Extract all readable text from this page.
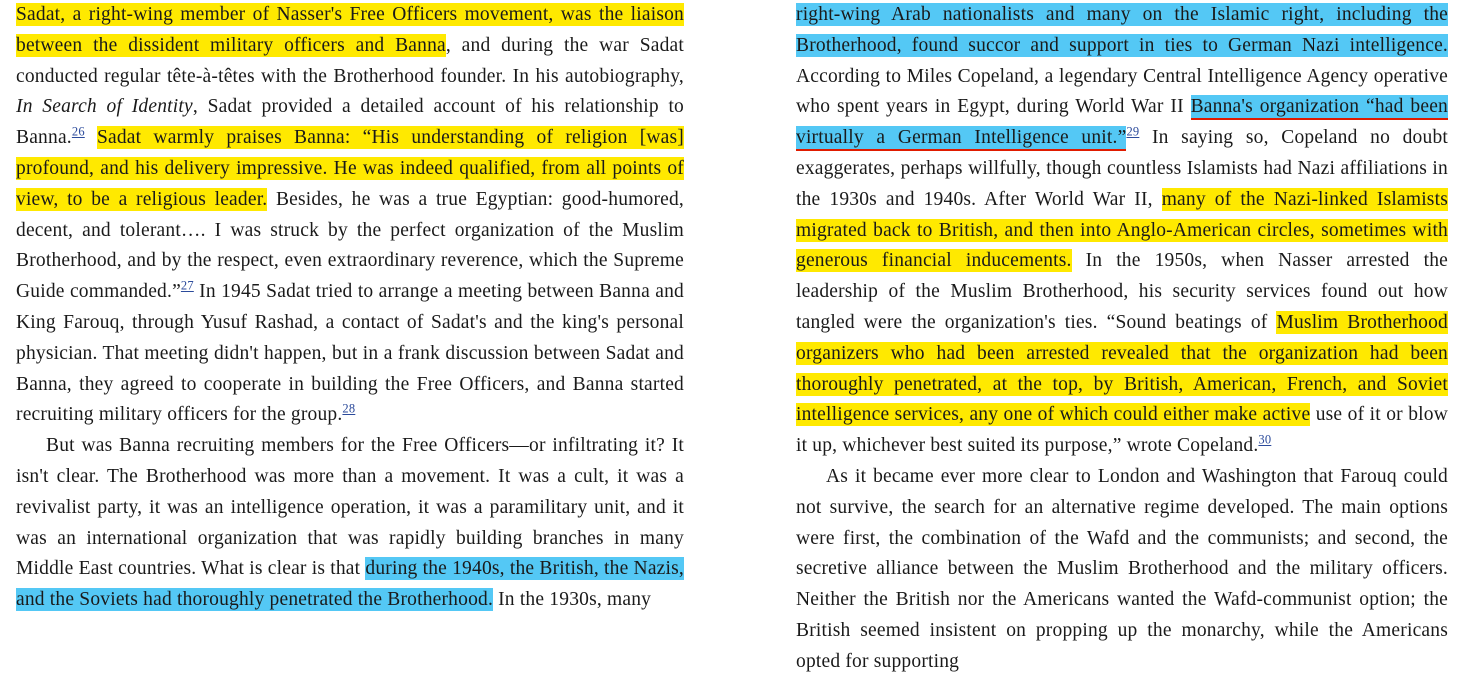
Sadat, a right-wing member of Nasser's Free Officers movement, was the liaison between the dissident military officers and Banna, and during the war Sadat conducted regular tête-à-têtes with the Brotherhood founder. In his autobiography, In Search of Identity, Sadat provided a detailed account of his relationship to Banna.$^{26}$ Sadat warmly praises Banna: “His understanding of religion [was] profound, and his delivery impressive. He was indeed qualified, from all points of view, to be a religious leader. Besides, he was a true Egyptian: good-humored, decent, and tolerant…. I was struck by the perfect organization of the Muslim Brotherhood, and by the respect, even extraordinary reverence, which the Supreme Guide commanded.”$^{27}$ In 1945 Sadat tried to arrange a meeting between Banna and King Farouq, through Yusuf Rashad, a contact of Sadat's and the king's personal physician. That meeting didn't happen, but in a frank discussion between Sadat and Banna, they agreed to cooperate in building the Free Officers, and Banna started recruiting military officers for the group.$^{28}$

But was Banna recruiting members for the Free Officers—or infiltrating it? It isn't clear. The Brotherhood was more than a movement. It was a cult, it was a revivalist party, it was an intelligence operation, it was a paramilitary unit, and it was an international organization that was rapidly building branches in many Middle East countries. What is clear is that during the 1940s, the British, the Nazis, and the Soviets had thoroughly penetrated the Brotherhood. In the 1930s, many

right-wing Arab nationalists and many on the Islamic right, including the Brotherhood, found succor and support in ties to German Nazi intelligence. According to Miles Copeland, a legendary Central Intelligence Agency operative who spent years in Egypt, during World War II Banna's organization “had been virtually a German Intelligence unit.”$^{29}$ In saying so, Copeland no doubt exaggerates, perhaps willfully, though countless Islamists had Nazi affiliations in the 1930s and 1940s. After World War II, many of the Nazi-linked Islamists migrated back to British, and then into Anglo-American circles, sometimes with generous financial inducements. In the 1950s, when Nasser arrested the leadership of the Muslim Brotherhood, his security services found out how tangled were the organization's ties. “Sound beatings of Muslim Brotherhood organizers who had been arrested revealed that the organization had been thoroughly penetrated, at the top, by British, American, French, and Soviet intelligence services, any one of which could either make active use of it or blow it up, whichever best suited its purpose,” wrote Copeland.$^{30}$

As it became ever more clear to London and Washington that Farouq could not survive, the search for an alternative regime developed. The main options were first, the combination of the Wafd and the communists; and second, the secretive alliance between the Muslim Brotherhood and the military officers. Neither the British nor the Americans wanted the Wafd-communist option; the British seemed insistent on propping up the monarchy, while the Americans opted for supporting
